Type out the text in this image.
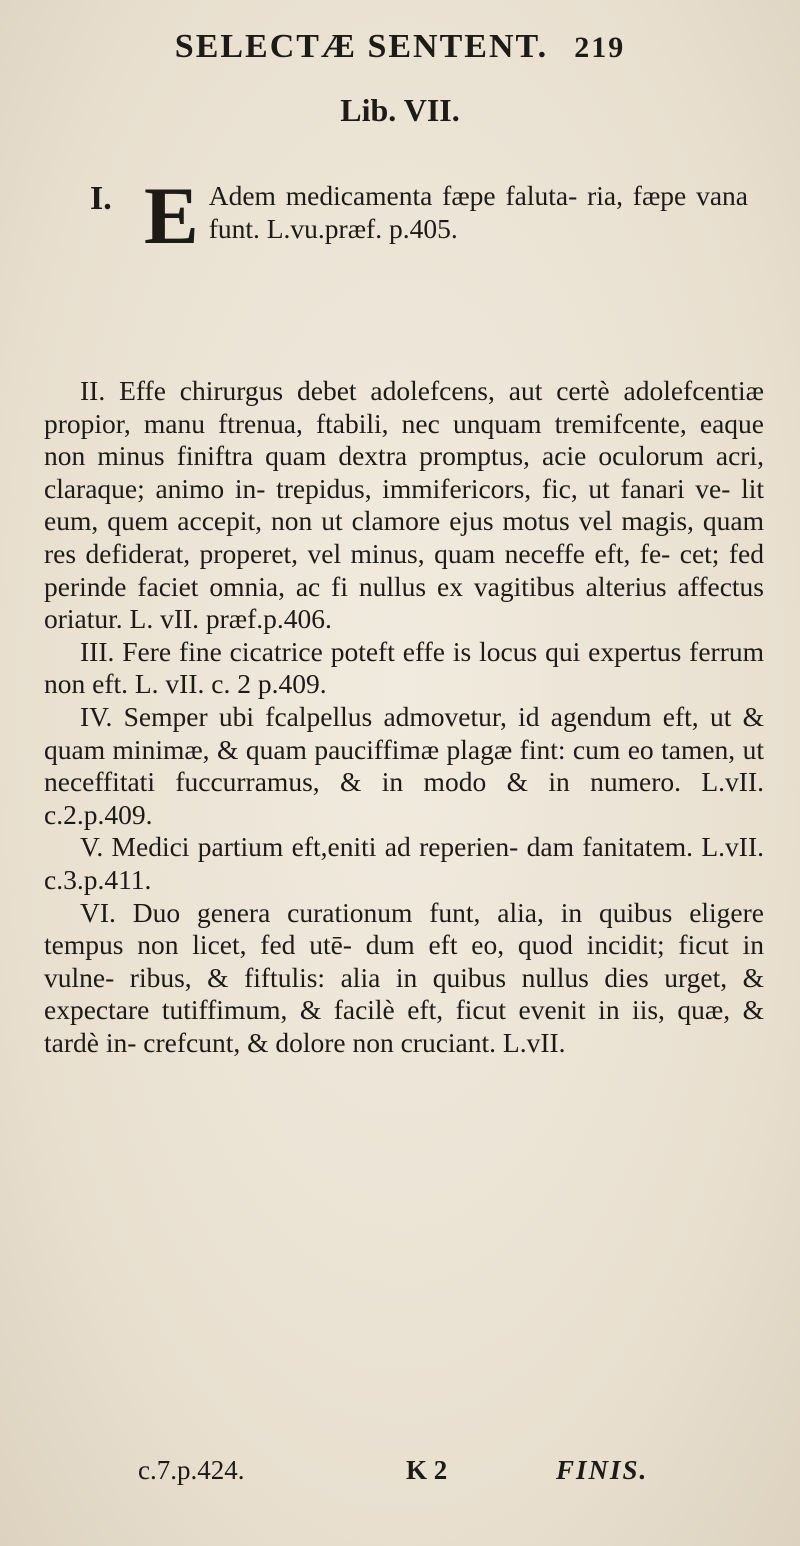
SELECTÆ SENTENT. 219
Lib. VII.
I. E Adem medicamenta fæpe faluta- ria, fæpe vana funt. L.vu.præf. p.405.

II. Effe chirurgus debet adolefcens, aut certè adolefcentiæ propior, manu ftrenua, ftabili, nec unquam tremifcente, eaque non minus finiftra quam dextra promptus, acie oculorum acri, claraque; animo in- trepidus, immifericors, fic, ut fanari ve- lit eum, quem accepit, non ut clamore ejus motus vel magis, quam res defiderat, properet, vel minus, quam neceffe eft, fe- cet; fed perinde faciet omnia, ac fi nullus ex vagitibus alterius affectus oriatur. L. vII. præf.p.406.

III. Fere fine cicatrice poteft effe is locus qui expertus ferrum non eft. L. vII. c. 2 p.409.

IV. Semper ubi fcalpellus admovetur, id agendum eft, ut & quam minimæ, & quam pauciffimæ plagæ fint: cum eo tamen, ut neceffitati fuccurramus, & in modo & in numero. L.vII. c.2.p.409.

V. Medici partium eft,eniti ad reperien- dam fanitatem. L.vII. c.3.p.411.

VI. Duo genera curationum funt, alia, in quibus eligere tempus non licet, fed utē- dum eft eo, quod incidit; ficut in vulne- ribus, & fiftulis: alia in quibus nullus dies urget, & expectare tutiffimum, & facilè eft, ficut evenit in iis, quæ, & tardè in- crefcunt, & dolore non cruciant. L.vII.

c.7.p.424.	K 2	FINIS.
